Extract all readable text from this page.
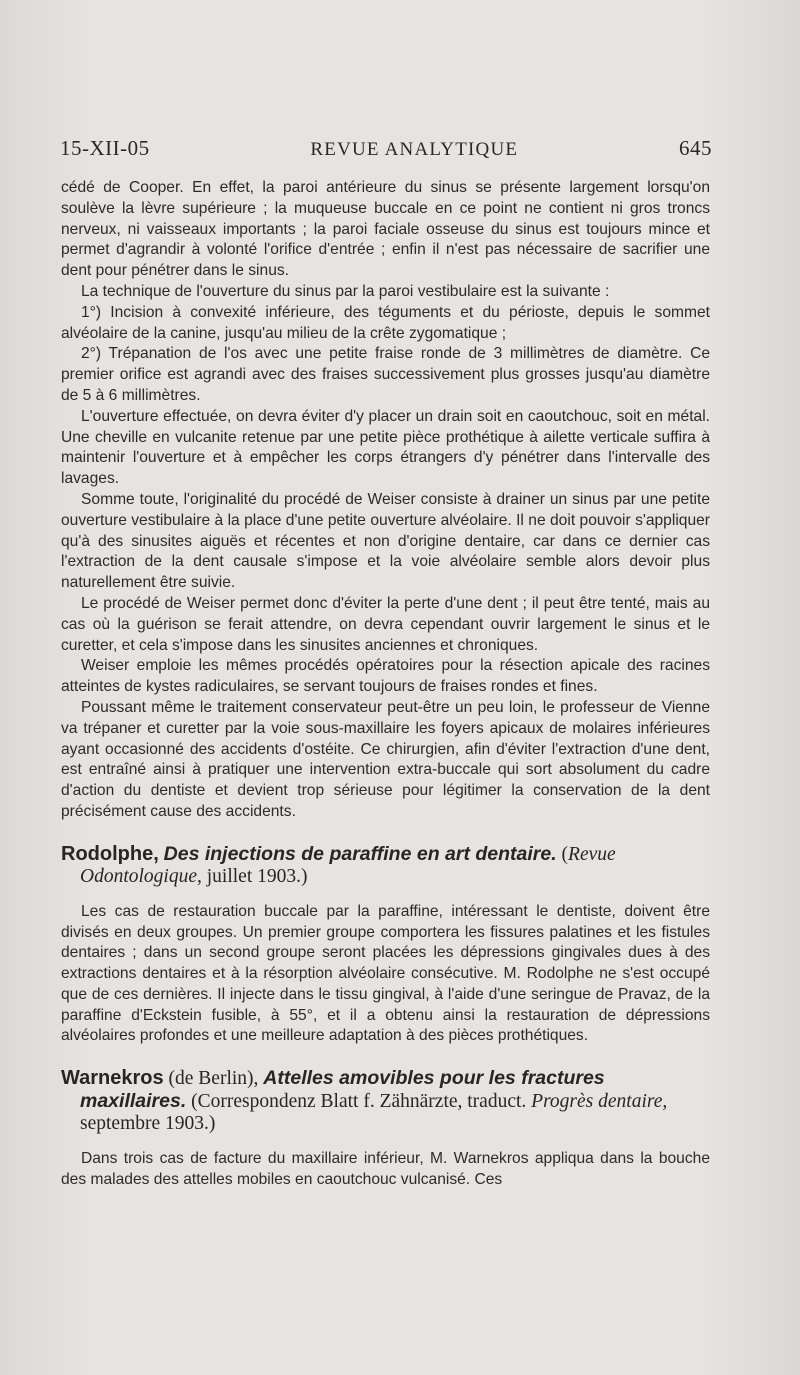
15-XII-05	REVUE ANALYTIQUE	645

cédé de Cooper. En effet, la paroi antérieure du sinus se présente largement lorsqu'on soulève la lèvre supérieure ; la muqueuse buccale en ce point ne contient ni gros troncs nerveux, ni vaisseaux importants ; la paroi faciale osseuse du sinus est toujours mince et permet d'agrandir à volonté l'orifice d'entrée ; enfin il n'est pas nécessaire de sacrifier une dent pour pénétrer dans le sinus.

La technique de l'ouverture du sinus par la paroi vestibulaire est la suivante :

1°) Incision à convexité inférieure, des téguments et du périoste, depuis le sommet alvéolaire de la canine, jusqu'au milieu de la crête zygomatique ;

2°) Trépanation de l'os avec une petite fraise ronde de 3 millimètres de diamètre. Ce premier orifice est agrandi avec des fraises successivement plus grosses jusqu'au diamètre de 5 à 6 millimètres.

L'ouverture effectuée, on devra éviter d'y placer un drain soit en caoutchouc, soit en métal. Une cheville en vulcanite retenue par une petite pièce prothétique à ailette verticale suffira à maintenir l'ouverture et à empêcher les corps étrangers d'y pénétrer dans l'intervalle des lavages.

Somme toute, l'originalité du procédé de Weiser consiste à drainer un sinus par une petite ouverture vestibulaire à la place d'une petite ouverture alvéolaire. Il ne doit pouvoir s'appliquer qu'à des sinusites aiguës et récentes et non d'origine dentaire, car dans ce dernier cas l'extraction de la dent causale s'impose et la voie alvéolaire semble alors devoir plus naturellement être suivie.

Le procédé de Weiser permet donc d'éviter la perte d'une dent ; il peut être tenté, mais au cas où la guérison se ferait attendre, on devra cependant ouvrir largement le sinus et le curetter, et cela s'impose dans les sinusites anciennes et chroniques.

Weiser emploie les mêmes procédés opératoires pour la résection apicale des racines atteintes de kystes radiculaires, se servant toujours de fraises rondes et fines.

Poussant même le traitement conservateur peut-être un peu loin, le professeur de Vienne va trépaner et curetter par la voie sous-maxillaire les foyers apicaux de molaires inférieures ayant occasionné des accidents d'ostéite. Ce chirurgien, afin d'éviter l'extraction d'une dent, est entraîné ainsi à pratiquer une intervention extra-buccale qui sort absolument du cadre d'action du dentiste et devient trop sérieuse pour légitimer la conservation de la dent précisément cause des accidents.

Rodolphe, Des injections de paraffine en art dentaire. (Revue Odontologique, juillet 1903.)

Les cas de restauration buccale par la paraffine, intéressant le dentiste, doivent être divisés en deux groupes. Un premier groupe comportera les fissures palatines et les fistules dentaires ; dans un second groupe seront placées les dépressions gingivales dues à des extractions dentaires et à la résorption alvéolaire consécutive. M. Rodolphe ne s'est occupé que de ces dernières. Il injecte dans le tissu gingival, à l'aide d'une seringue de Pravaz, de la paraffine d'Eckstein fusible, à 55°, et il a obtenu ainsi la restauration de dépressions alvéolaires profondes et une meilleure adaptation à des pièces prothétiques.

Warnekros (de Berlin), Attelles amovibles pour les fractures maxillaires. (Correspondenz Blatt f. Zähnärzte, traduct. Progrès dentaire, septembre 1903.)

Dans trois cas de facture du maxillaire inférieur, M. Warnekros appliqua dans la bouche des malades des attelles mobiles en caoutchouc vulcanisé. Ces
